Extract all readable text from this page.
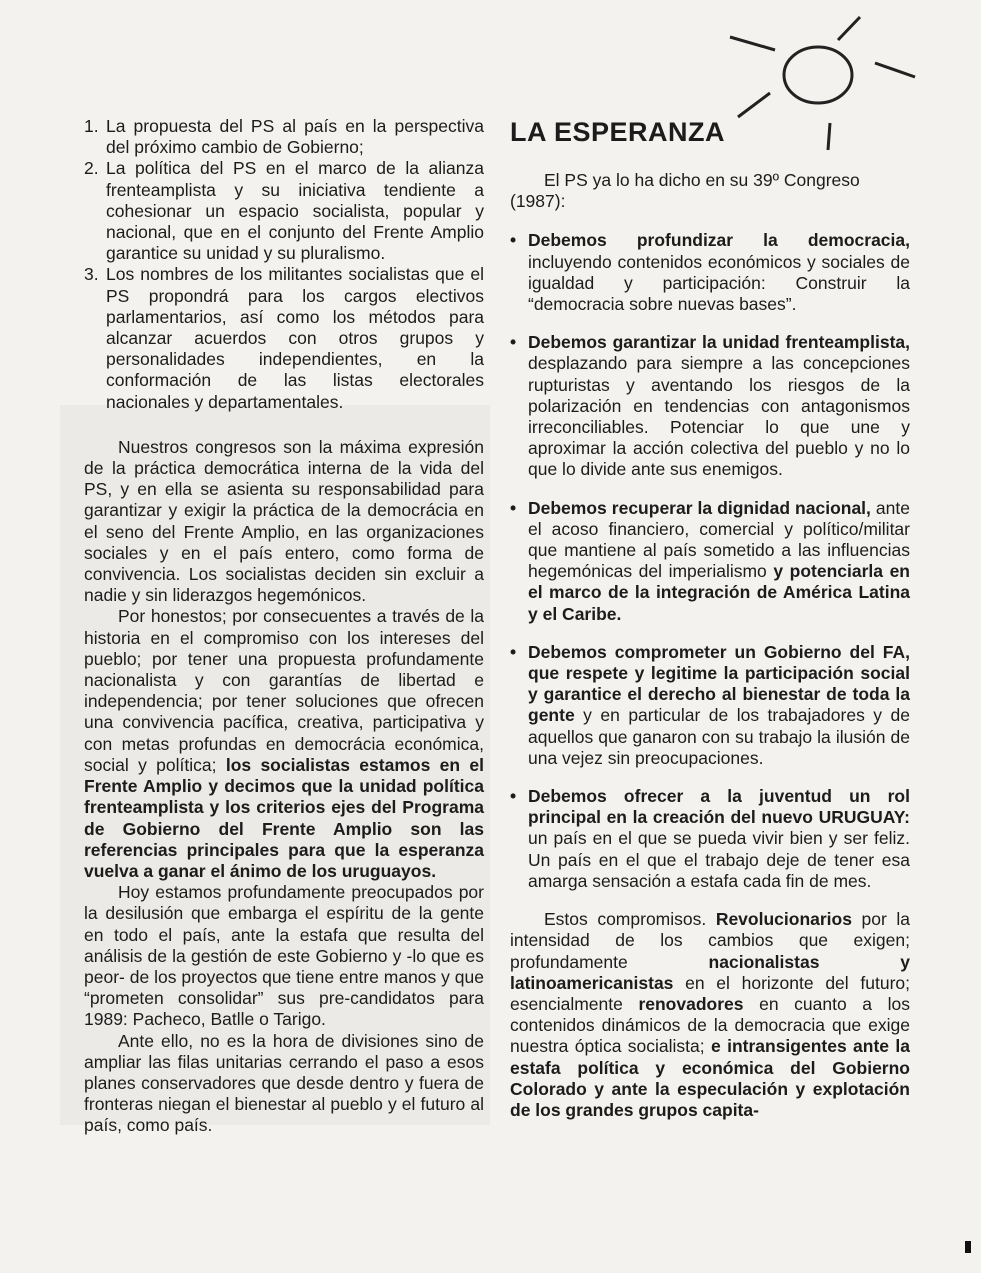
1. La propuesta del PS al país en la perspectiva del próximo cambio de Gobierno;
2. La política del PS en el marco de la alianza frenteamplista y su iniciativa tendiente a cohesionar un espacio socialista, popular y nacional, que en el conjunto del Frente Amplio garantice su unidad y su pluralismo.
3. Los nombres de los militantes socialistas que el PS propondrá para los cargos electivos parlamentarios, así como los métodos para alcanzar acuerdos con otros grupos y personalidades independientes, en la conformación de las listas electorales nacionales y departamentales.

Nuestros congresos son la máxima expresión de la práctica democrática interna de la vida del PS, y en ella se asienta su responsabilidad para garantizar y exigir la práctica de la democrácia en el seno del Frente Amplio, en las organizaciones sociales y en el país entero, como forma de convivencia. Los socialistas deciden sin excluir a nadie y sin liderazgos hegemónicos.

Por honestos; por consecuentes a través de la historia en el compromiso con los intereses del pueblo; por tener una propuesta profundamente nacionalista y con garantías de libertad e independencia; por tener soluciones que ofrecen una convivencia pacífica, creativa, participativa y con metas profundas en democrácia económica, social y política; los socialistas estamos en el Frente Amplio y decimos que la unidad política frenteamplista y los criterios ejes del Programa de Gobierno del Frente Amplio son las referencias principales para que la esperanza vuelva a ganar el ánimo de los uruguayos.

Hoy estamos profundamente preocupados por la desilusión que embarga el espíritu de la gente en todo el país, ante la estafa que resulta del análisis de la gestión de este Gobierno y -lo que es peor- de los proyectos que tiene entre manos y que “prometen consolidar” sus pre-candidatos para 1989: Pacheco, Batlle o Tarigo.

Ante ello, no es la hora de divisiones sino de ampliar las filas unitarias cerrando el paso a esos planes conservadores que desde dentro y fuera de fronteras niegan el bienestar al pueblo y el futuro al país, como país.

LA ESPERANZA

El PS ya lo ha dicho en su 39º Congreso (1987):

• Debemos profundizar la democracia, incluyendo contenidos económicos y sociales de igualdad y participación: Construir la “democracia sobre nuevas bases”.
• Debemos garantizar la unidad frenteamplista, desplazando para siempre a las concepciones rupturistas y aventando los riesgos de la polarización en tendencias con antagonismos irreconciliables. Potenciar lo que une y aproximar la acción colectiva del pueblo y no lo que lo divide ante sus enemigos.
• Debemos recuperar la dignidad nacional, ante el acoso financiero, comercial y político/militar que mantiene al país sometido a las influencias hegemónicas del imperialismo y potenciarla en el marco de la integración de América Latina y el Caribe.
• Debemos comprometer un Gobierno del FA, que respete y legitime la participación social y garantice el derecho al bienestar de toda la gente y en particular de los trabajadores y de aquellos que ganaron con su trabajo la ilusión de una vejez sin preocupaciones.
• Debemos ofrecer a la juventud un rol principal en la creación del nuevo URUGUAY: un país en el que se pueda vivir bien y ser feliz. Un país en el que el trabajo deje de tener esa amarga sensación a estafa cada fin de mes.

Estos compromisos. Revolucionarios por la intensidad de los cambios que exigen; profundamente nacionalistas y latinoamericanistas en el horizonte del futuro; esencialmente renovadores en cuanto a los contenidos dinámicos de la democracia que exige nuestra óptica socialista; e intransigentes ante la estafa política y económica del Gobierno Colorado y ante la especulación y explotación de los grandes grupos capita-
